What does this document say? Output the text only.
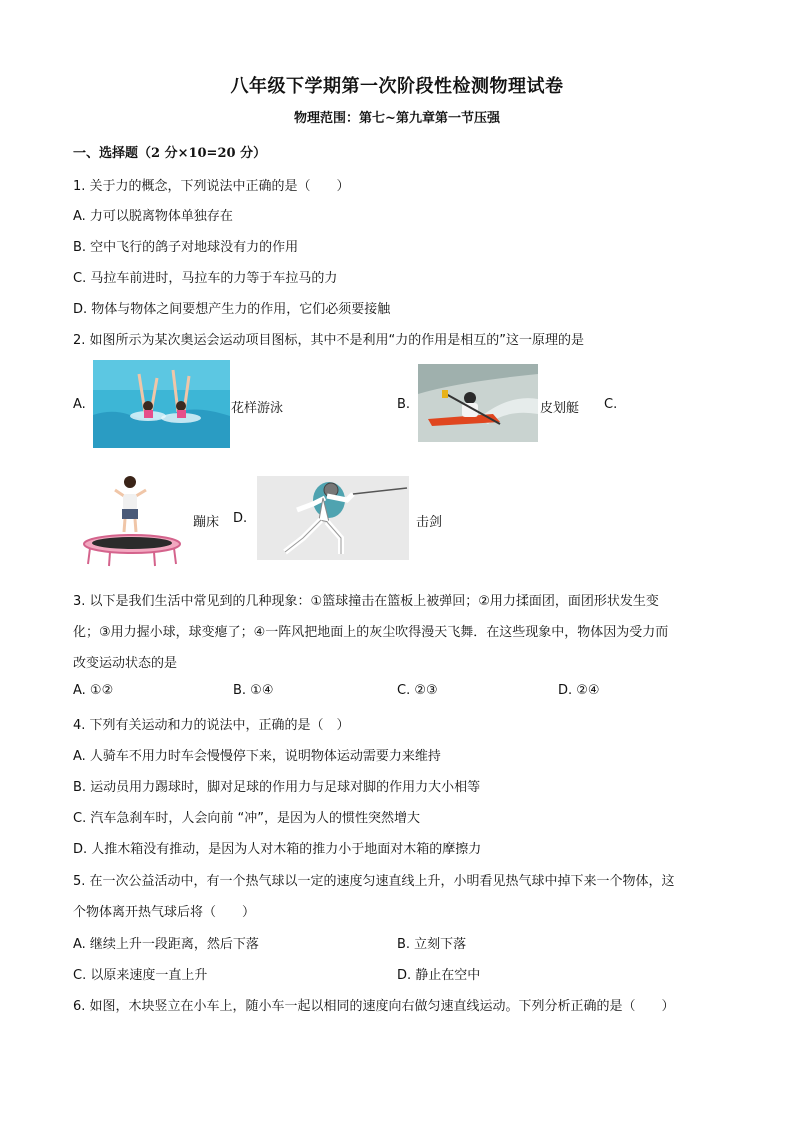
八年级下学期第一次阶段性检测物理试卷
物理范围：第七~第九章第一节压强
一、选择题（2 分×10=20 分）
1. 关于力的概念，下列说法中正确的是（　　）
A. 力可以脱离物体单独存在
B. 空中飞行的鸽子对地球没有力的作用
C. 马拉车前进时，马拉车的力等于车拉马的力
D. 物体与物体之间要想产生力的作用，它们必须要接触
2. 如图所示为某次奥运会运动项目图标，其中不是利用“力的作用是相互的”这一原理的是
A.	花样游泳	B.	皮划艇 C.
蹦床 D.	击剑
3. 以下是我们生活中常见到的几种现象：①篮球撞击在篮板上被弹回；②用力揉面团，面团形状发生变
化；③用力握小球，球变瘪了；④一阵风把地面上的灰尘吹得漫天飞舞．在这些现象中，物体因为受力而
改变运动状态的是
A. ①②	B. ①④	C. ②③	D. ②④
4. 下列有关运动和力的说法中，正确的是（　）
A. 人骑车不用力时车会慢慢停下来，说明物体运动需要力来维持
B. 运动员用力踢球时，脚对足球的作用力与足球对脚的作用力大小相等
C. 汽车急刹车时，人会向前 “冲”，是因为人的惯性突然增大
D. 人推木箱没有推动，是因为人对木箱的推力小于地面对木箱的摩擦力
5. 在一次公益活动中，有一个热气球以一定的速度匀速直线上升，小明看见热气球中掉下来一个物体，这
个物体离开热气球后将（　　）
A. 继续上升一段距离，然后下落	B. 立刻下落
C. 以原来速度一直上升	D. 静止在空中
6. 如图，木块竖立在小车上，随小车一起以相同的速度向右做匀速直线运动。下列分析正确的是（　　）
